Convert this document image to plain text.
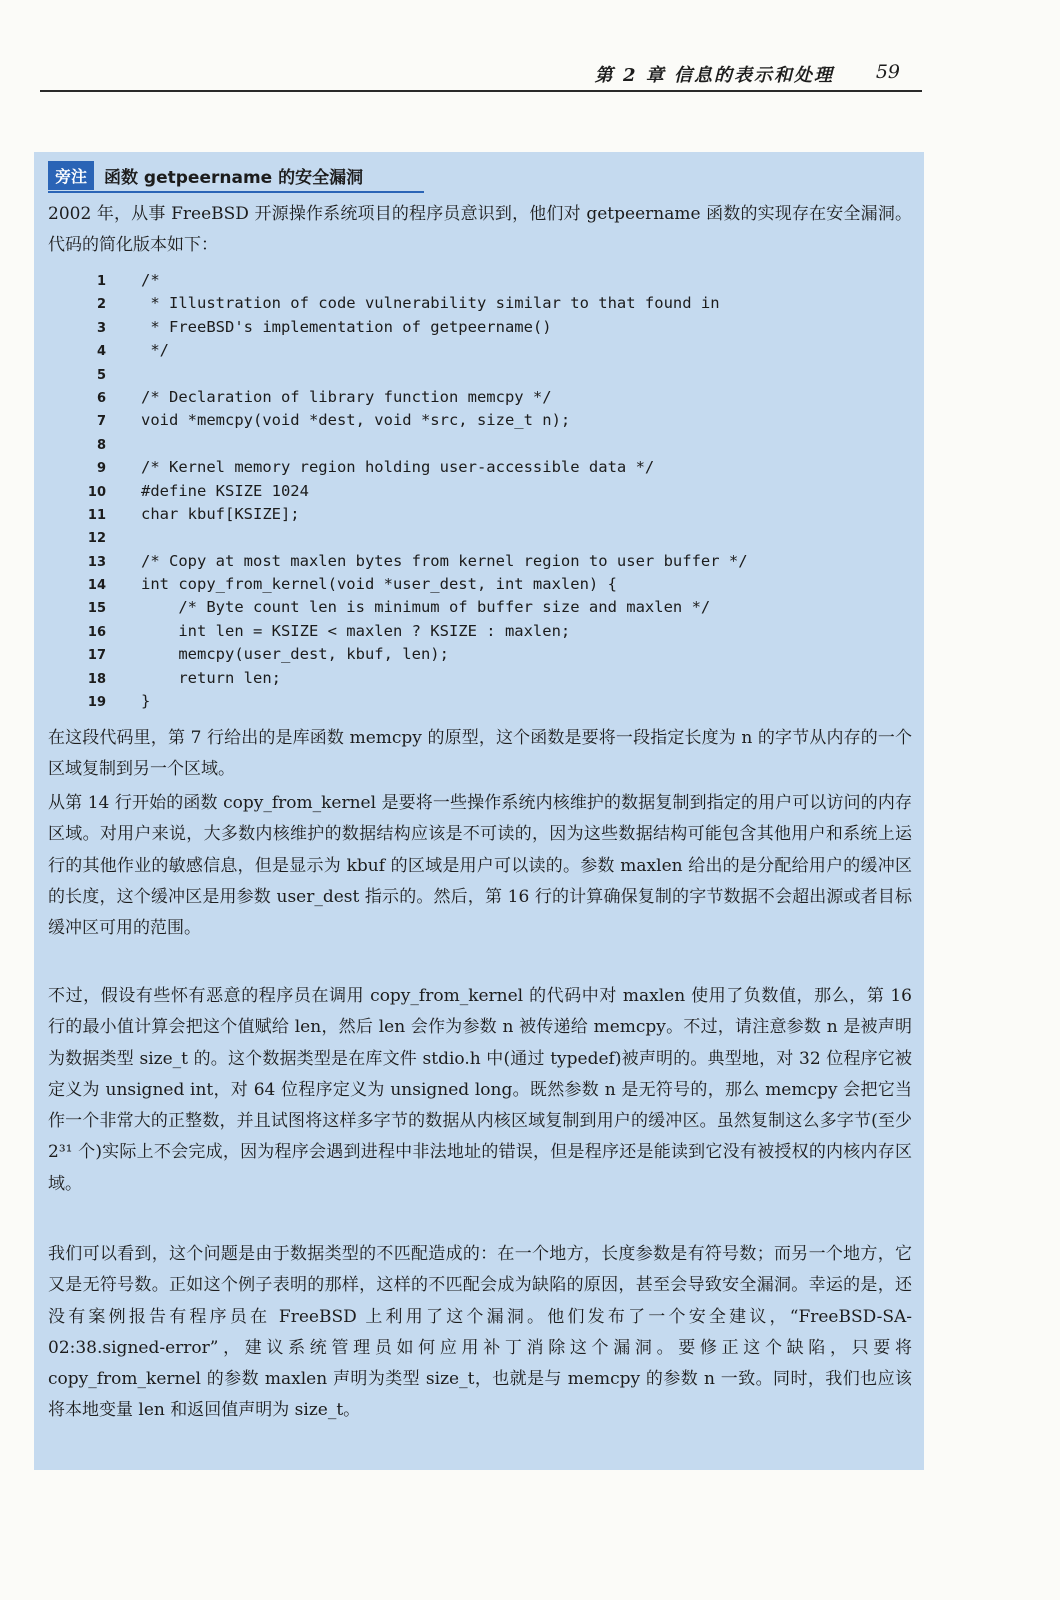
第 2 章 信息的表示和处理 59
旁注 函数 getpeername 的安全漏洞

2002 年，从事 FreeBSD 开源操作系统项目的程序员意识到，他们对 getpeername 函数的实现存在安全漏洞。代码的简化版本如下：

1 /*
2 * Illustration of code vulnerability similar to that found in
3 * FreeBSD's implementation of getpeername()
4 */
5
6 /* Declaration of library function memcpy */
7 void *memcpy(void *dest, void *src, size_t n);
8
9 /* Kernel memory region holding user-accessible data */
10 #define KSIZE 1024
11 char kbuf[KSIZE];
12
13 /* Copy at most maxlen bytes from kernel region to user buffer */
14 int copy_from_kernel(void *user_dest, int maxlen) {
15    /* Byte count len is minimum of buffer size and maxlen */
16    int len = KSIZE < maxlen ? KSIZE : maxlen;
17    memcpy(user_dest, kbuf, len);
18    return len;
19 }

在这段代码里，第 7 行给出的是库函数 memcpy 的原型，这个函数是要将一段指定长度为 n 的字节从内存的一个区域复制到另一个区域。

从第 14 行开始的函数 copy_from_kernel 是要将一些操作系统内核维护的数据复制到指定的用户可以访问的内存区域。对用户来说，大多数内核维护的数据结构应该是不可读的，因为这些数据结构可能包含其他用户和系统上运行的其他作业的敏感信息，但是显示为 kbuf 的区域是用户可以读的。参数 maxlen 给出的是分配给用户的缓冲区的长度，这个缓冲区是用参数 user_dest 指示的。然后，第 16 行的计算确保复制的字节数据不会超出源或者目标缓冲区可用的范围。

不过，假设有些怀有恶意的程序员在调用 copy_from_kernel 的代码中对 maxlen 使用了负数值，那么，第 16 行的最小值计算会把这个值赋给 len，然后 len 会作为参数 n 被传递给 memcpy。不过，请注意参数 n 是被声明为数据类型 size_t 的。这个数据类型是在库文件 stdio.h 中(通过 typedef)被声明的。典型地，对 32 位程序它被定义为 unsigned int，对 64 位程序定义为 unsigned long。既然参数 n 是无符号的，那么 memcpy 会把它当作一个非常大的正整数，并且试图将这样多字节的数据从内核区域复制到用户的缓冲区。虽然复制这么多字节(至少 2³¹ 个)实际上不会完成，因为程序会遇到进程中非法地址的错误，但是程序还是能读到它没有被授权的内核内存区域。

我们可以看到，这个问题是由于数据类型的不匹配造成的：在一个地方，长度参数是有符号数；而另一个地方，它又是无符号数。正如这个例子表明的那样，这样的不匹配会成为缺陷的原因，甚至会导致安全漏洞。幸运的是，还没有案例报告有程序员在 FreeBSD 上利用了这个漏洞。他们发布了一个安全建议，“FreeBSD-SA-02:38.signed-error”，建议系统管理员如何应用补丁消除这个漏洞。要修正这个缺陷，只要将 copy_from_kernel 的参数 maxlen 声明为类型 size_t，也就是与 memcpy 的参数 n 一致。同时，我们也应该将本地变量 len 和返回值声明为 size_t。
